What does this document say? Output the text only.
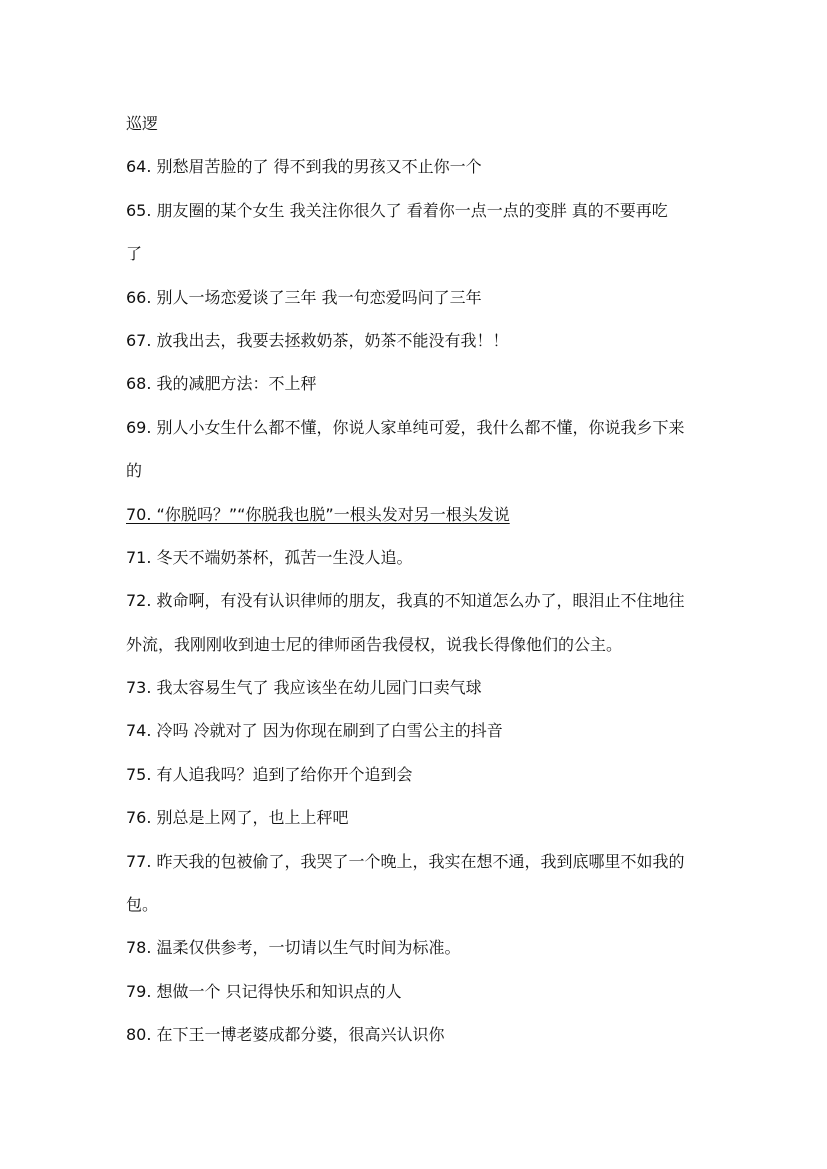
巡逻
64. 别愁眉苦脸的了 得不到我的男孩又不止你一个
65. 朋友圈的某个女生 我关注你很久了 看着你一点一点的变胖 真的不要再吃
了
66. 别人一场恋爱谈了三年 我一句恋爱吗问了三年
67. 放我出去，我要去拯救奶茶，奶茶不能没有我！！
68. 我的减肥方法：不上秤
69. 别人小女生什么都不懂，你说人家单纯可爱，我什么都不懂，你说我乡下来
的
70. “你脱吗？”“你脱我也脱”一根头发对另一根头发说
71. 冬天不端奶茶杯，孤苦一生没人追。
72. 救命啊，有没有认识律师的朋友，我真的不知道怎么办了，眼泪止不住地往
外流，我刚刚收到迪士尼的律师函告我侵权，说我长得像他们的公主。
73. 我太容易生气了 我应该坐在幼儿园门口卖气球
74. 冷吗 冷就对了 因为你现在刷到了白雪公主的抖音
75. 有人追我吗？追到了给你开个追到会
76. 别总是上网了，也上上秤吧
77. 昨天我的包被偷了，我哭了一个晚上，我实在想不通，我到底哪里不如我的
包。
78. 温柔仅供参考，一切请以生气时间为标准。
79. 想做一个 只记得快乐和知识点的人
80. 在下王一博老婆成都分婆，很高兴认识你
